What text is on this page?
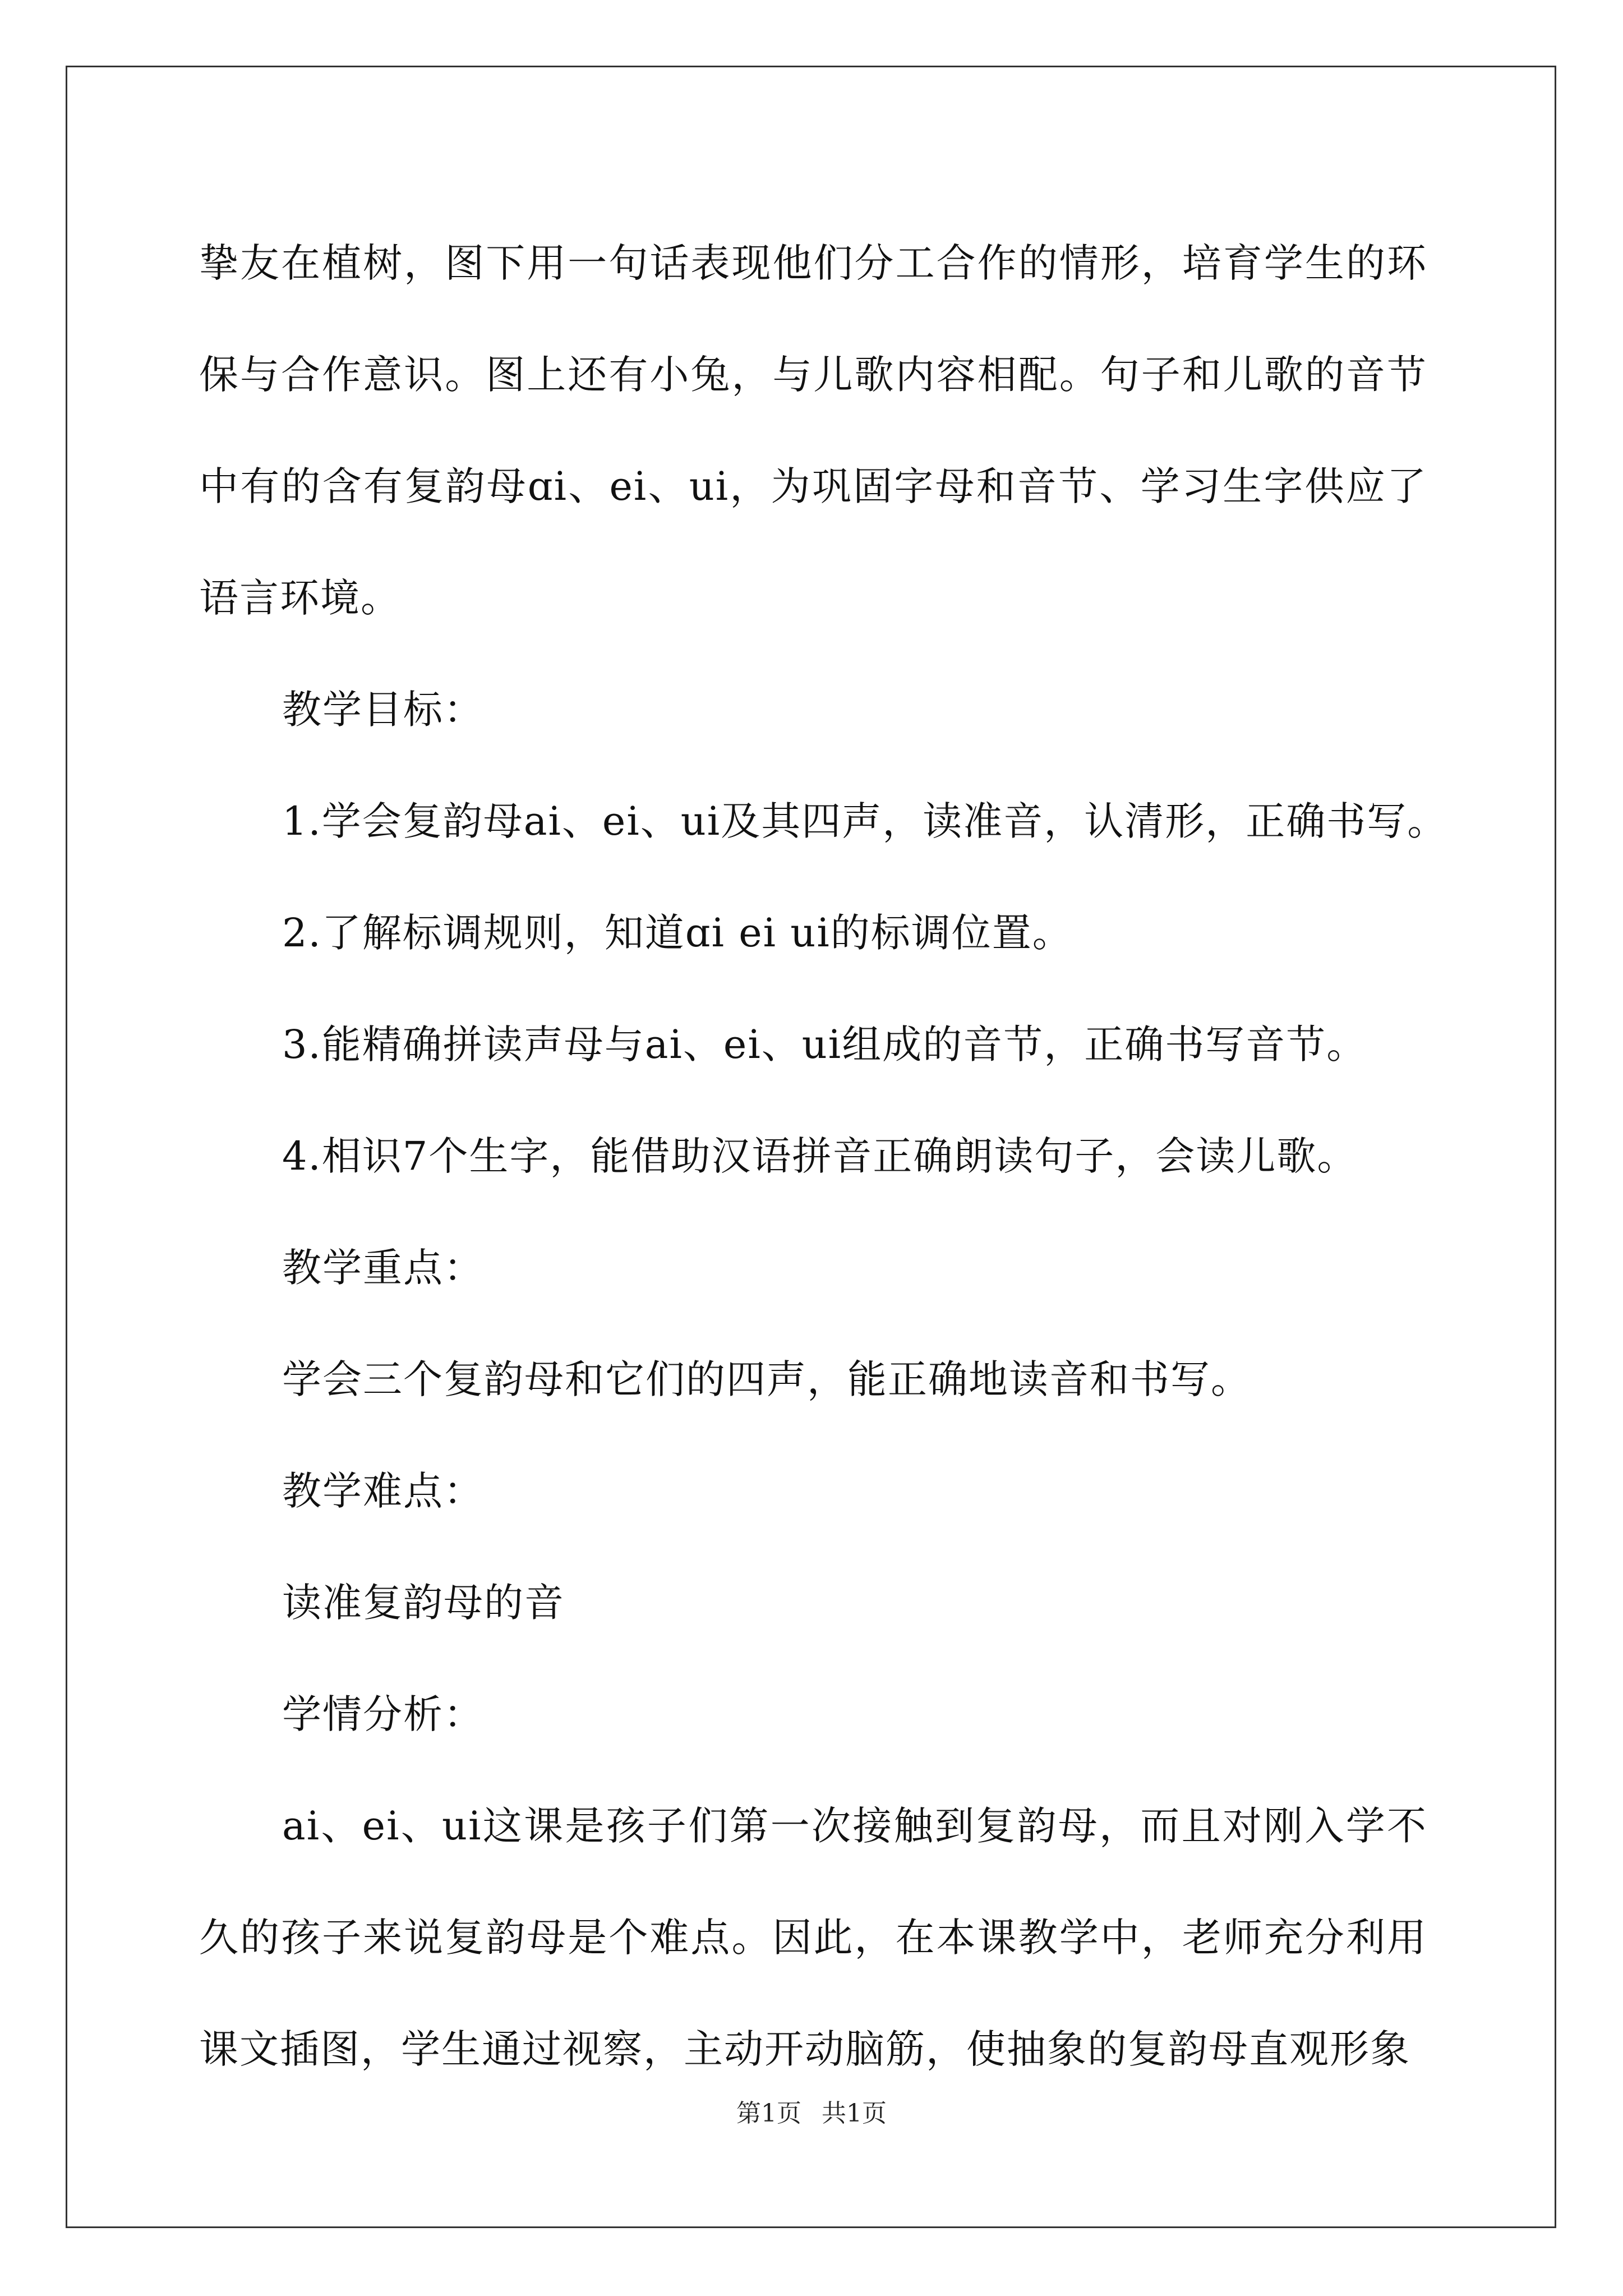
挚友在植树，图下用一句话表现他们分工合作的情形，培育学生的环保与合作意识。图上还有小兔，与儿歌内容相配。句子和儿歌的音节中有的含有复韵母ɑi、ei、ui，为巩固字母和音节、学习生字供应了语言环境。

教学目标：

1.学会复韵母ai、ei、ui及其四声，读准音，认清形，正确书写。

2.了解标调规则，知道ɑi ei ui的标调位置。

3.能精确拼读声母与ai、ei、ui组成的音节，正确书写音节。

4.相识7个生字，能借助汉语拼音正确朗读句子，会读儿歌。

教学重点：

学会三个复韵母和它们的四声，能正确地读音和书写。

教学难点：

读准复韵母的音

学情分析：

ai、ei、ui这课是孩子们第一次接触到复韵母，而且对刚入学不久的孩子来说复韵母是个难点。因此，在本课教学中，老师充分利用课文插图，学生通过视察，主动开动脑筋，使抽象的复韵母直观形象

第1页 共1页
